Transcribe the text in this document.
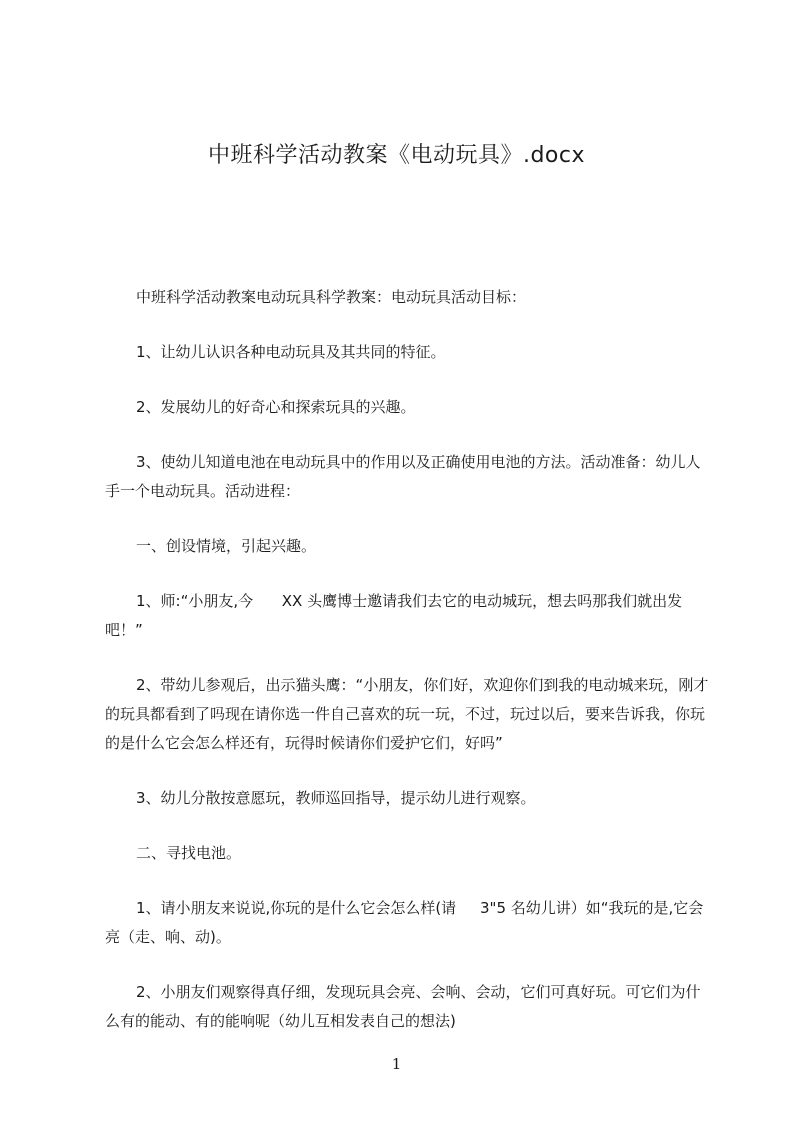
中班科学活动教案《电动玩具》.docx

中班科学活动教案电动玩具科学教案：电动玩具活动目标：

1、让幼儿认识各种电动玩具及其共同的特征。

2、发展幼儿的好奇心和探索玩具的兴趣。

3、使幼儿知道电池在电动玩具中的作用以及正确使用电池的方法。活动准备：幼儿人手一个电动玩具。活动进程：

一、创设情境，引起兴趣。

1、师:“小朋友,今      XX 头鹰博士邀请我们去它的电动城玩，想去吗那我们就出发吧！”

2、带幼儿参观后，出示猫头鹰：“小朋友，你们好，欢迎你们到我的电动城来玩，刚才的玩具都看到了吗现在请你选一件自己喜欢的玩一玩，不过，玩过以后，要来告诉我，你玩的是什么它会怎么样还有，玩得时候请你们爱护它们，好吗”

3、幼儿分散按意愿玩，教师巡回指导，提示幼儿进行观察。

二、寻找电池。

1、请小朋友来说说,你玩的是什么它会怎么样(请     3"5 名幼儿讲）如“我玩的是,它会亮（走、响、动)。

2、小朋友们观察得真仔细，发现玩具会亮、会响、会动，它们可真好玩。可它们为什么有的能动、有的能响呢（幼儿互相发表自己的想法)

1
